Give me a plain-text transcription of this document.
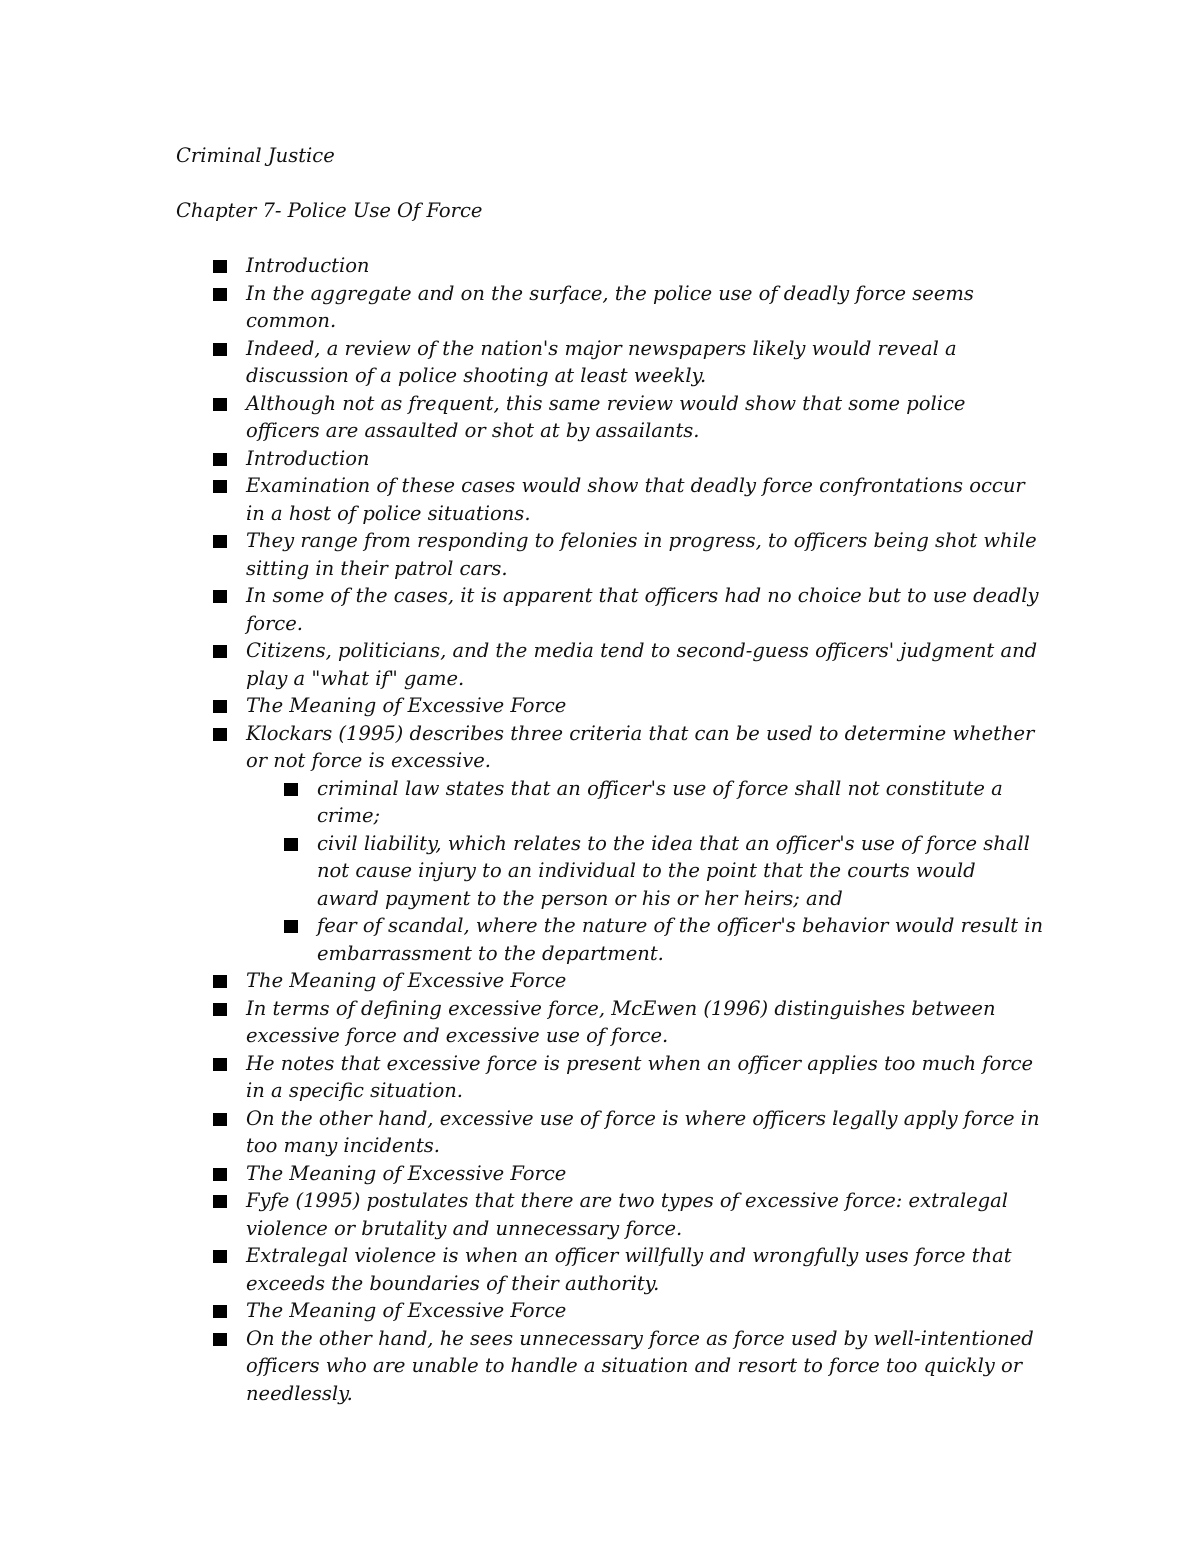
Criminal Justice

Chapter 7- Police Use Of Force

Introduction
In the aggregate and on the surface, the police use of deadly force seems
common.
Indeed, a review of the nation's major newspapers likely would reveal a
discussion of a police shooting at least weekly.
Although not as frequent, this same review would show that some police
officers are assaulted or shot at by assailants.
Introduction
Examination of these cases would show that deadly force confrontations occur
in a host of police situations.
They range from responding to felonies in progress, to officers being shot while
sitting in their patrol cars.
In some of the cases, it is apparent that officers had no choice but to use deadly
force.
Citizens, politicians, and the media tend to second-guess officers' judgment and
play a "what if" game.
The Meaning of Excessive Force
Klockars (1995) describes three criteria that can be used to determine whether
or not force is excessive.
criminal law states that an officer's use of force shall not constitute a
crime;
civil liability, which relates to the idea that an officer's use of force shall
not cause injury to an individual to the point that the courts would
award payment to the person or his or her heirs; and
fear of scandal, where the nature of the officer's behavior would result in
embarrassment to the department.
The Meaning of Excessive Force
In terms of defining excessive force, McEwen (1996) distinguishes between
excessive force and excessive use of force.
He notes that excessive force is present when an officer applies too much force
in a specific situation.
On the other hand, excessive use of force is where officers legally apply force in
too many incidents.
The Meaning of Excessive Force
Fyfe (1995) postulates that there are two types of excessive force: extralegal
violence or brutality and unnecessary force.
Extralegal violence is when an officer willfully and wrongfully uses force that
exceeds the boundaries of their authority.
The Meaning of Excessive Force
On the other hand, he sees unnecessary force as force used by well-intentioned
officers who are unable to handle a situation and resort to force too quickly or
needlessly.
